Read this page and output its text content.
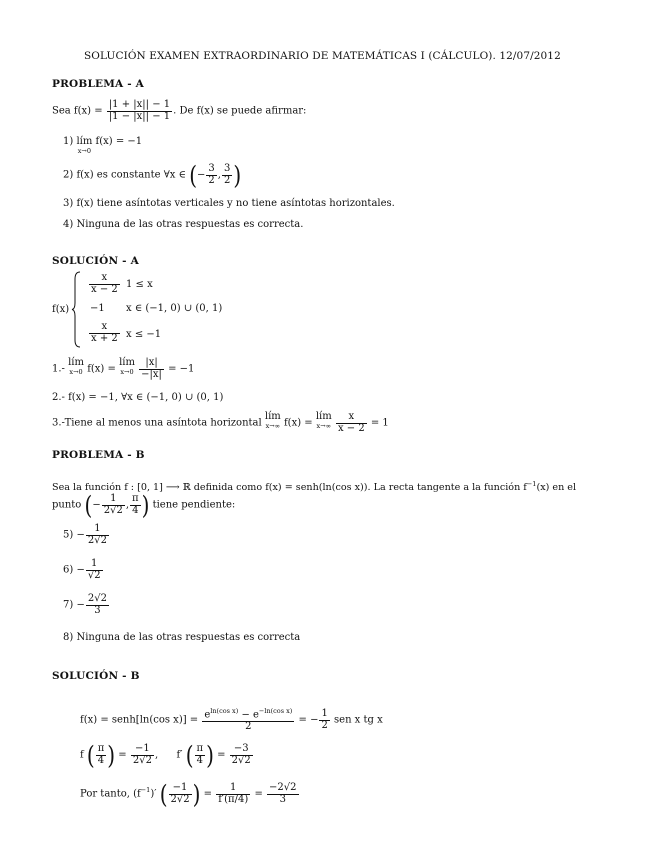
SOLUCIÓN EXAMEN EXTRAORDINARIO DE MATEMÁTICAS I (CÁLCULO). 12/07/2012
PROBLEMA - A
Sea $f(x) = \frac{|1 + |x|| - 1}{|1 - |x|| - 1}$ . De f(x) se puede afirmar:
1) lím
x→0
f(x) = −1
2) f(x) es constante ∀x ∈ (− $\frac{3}{2}$ , $\frac{3}{2}$ )
3) f(x) tiene asíntotas verticales y no tiene asíntotas horizontales.
4) Ninguna de las otras respuestas es correcta.
SOLUCIÓN - A
f(x)
$\frac{x}{x - 2} 1 \le x$
−1 x ∈ (−1, 0) ∪ (0, 1)
$\frac{x}{x + 2}$ x ≤ −1
1.- lím
x→0 f(x) = lím
x→0
$\frac{|x|}{-|x|} = -1$
2.- f(x) = −1, ∀x ∈ (−1, 0) ∪ (0, 1)
3.-Tiene al menos una asíntota horizontal lím
x→∞ f(x) = lím
x→∞
$\frac{x}{x - 2} = 1$
PROBLEMA - B
Sea la función f : [0, 1] ⟶ ℝ definida como f(x) = senh(ln(cos x)). La recta tangente a la función $f^{-1}(x)$ en el
punto (− $\frac{1}{2√2}$ , $\frac{\pi}{4}$ ) tiene pendiente:
$5) - \frac{1}{2√2}$
$6) - \frac{1}{√2}$
$7) - \frac{2√2}{3}$
8) Ninguna de las otras respuestas es correcta
SOLUCIÓN - B
f(x) = senh[ln(cos $x)] = \frac{e^{ln(cos x)} - e^{-ln(cos x)}}{2}$ = − $\frac{1}{2}$ sen x tg x
f ( $\frac{\pi}{4}$ ) = $\frac{-1}{2√2}$ ,  f′ ( $\frac{\pi}{4}$ ) = $\frac{-3}{2√2}$
Por tanto, $(f^{-1})'$ ( $\frac{-1}{2√2}$ ) = $\frac{1}{f'(\pi/4)} = \frac{-2√2}{3}$
